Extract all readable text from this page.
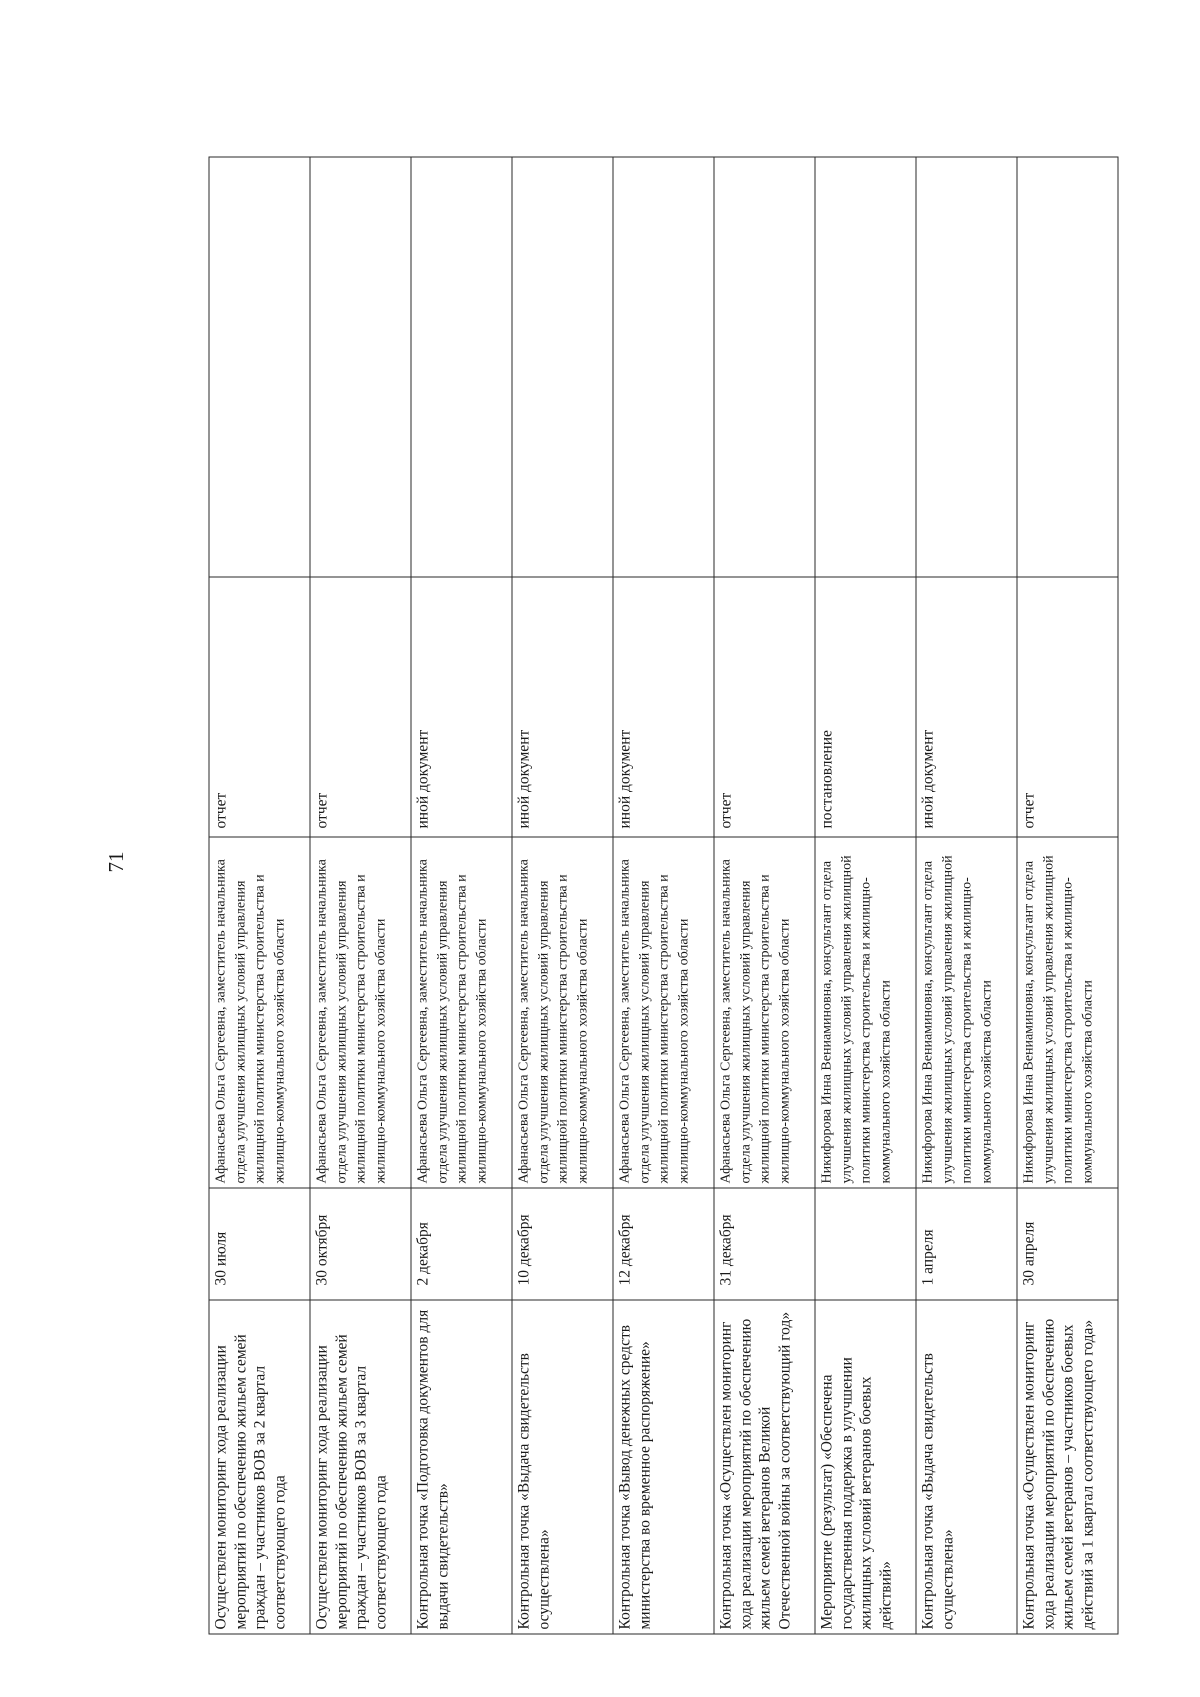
71
Осуществлен мониторинг хода реализации мероприятий по обеспечению жильем семей граждан – участников ВОВ за 2 квартал соответствующего года	30 июля	Афанасьева Ольга Сергеевна, заместитель начальника отдела улучшения жилищных условий управления жилищной политики министерства строительства и жилищно-коммунального хозяйства области	отчет	
Осуществлен мониторинг хода реализации мероприятий по обеспечению жильем семей граждан – участников ВОВ за 3 квартал соответствующего года	30 октября	Афанасьева Ольга Сергеевна, заместитель начальника отдела улучшения жилищных условий управления жилищной политики министерства строительства и жилищно-коммунального хозяйства области	отчет	
Контрольная точка «Подготовка документов для выдачи свидетельств»	2 декабря	Афанасьева Ольга Сергеевна, заместитель начальника отдела улучшения жилищных условий управления жилищной политики министерства строительства и жилищно-коммунального хозяйства области	иной документ	
Контрольная точка «Выдача свидетельств осуществлена»	10 декабря	Афанасьева Ольга Сергеевна, заместитель начальника отдела улучшения жилищных условий управления жилищной политики министерства строительства и жилищно-коммунального хозяйства области	иной документ	
Контрольная точка «Вывод денежных средств министерства во временное распоряжение»	12 декабря	Афанасьева Ольга Сергеевна, заместитель начальника отдела улучшения жилищных условий управления жилищной политики министерства строительства и жилищно-коммунального хозяйства области	иной документ	
Контрольная точка «Осуществлен мониторинг хода реализации мероприятий по обеспечению жильем семей ветеранов Великой Отечественной войны за соответствующий год»	31 декабря	Афанасьева Ольга Сергеевна, заместитель начальника отдела улучшения жилищных условий управления жилищной политики министерства строительства и жилищно-коммунального хозяйства области	отчет	
Мероприятие (результат) «Обеспечена государственная поддержка в улучшении жилищных условий ветеранов боевых действий»		Никифорова Инна Вениаминовна, консультант отдела улучшения жилищных условий управления жилищной политики министерства строительства и жилищно-коммунального хозяйства области	постановление	
Контрольная точка «Выдача свидетельств осуществлена»	1 апреля	Никифорова Инна Вениаминовна, консультант отдела улучшения жилищных условий управления жилищной политики министерства строительства и жилищно-коммунального хозяйства области	иной документ	
Контрольная точка «Осуществлен мониторинг хода реализации мероприятий по обеспечению жильем семей ветеранов – участников боевых действий за 1 квартал соответствующего года»	30 апреля	Никифорова Инна Вениаминовна, консультант отдела улучшения жилищных условий управления жилищной политики министерства строительства и жилищно-коммунального хозяйства области	отчет	
